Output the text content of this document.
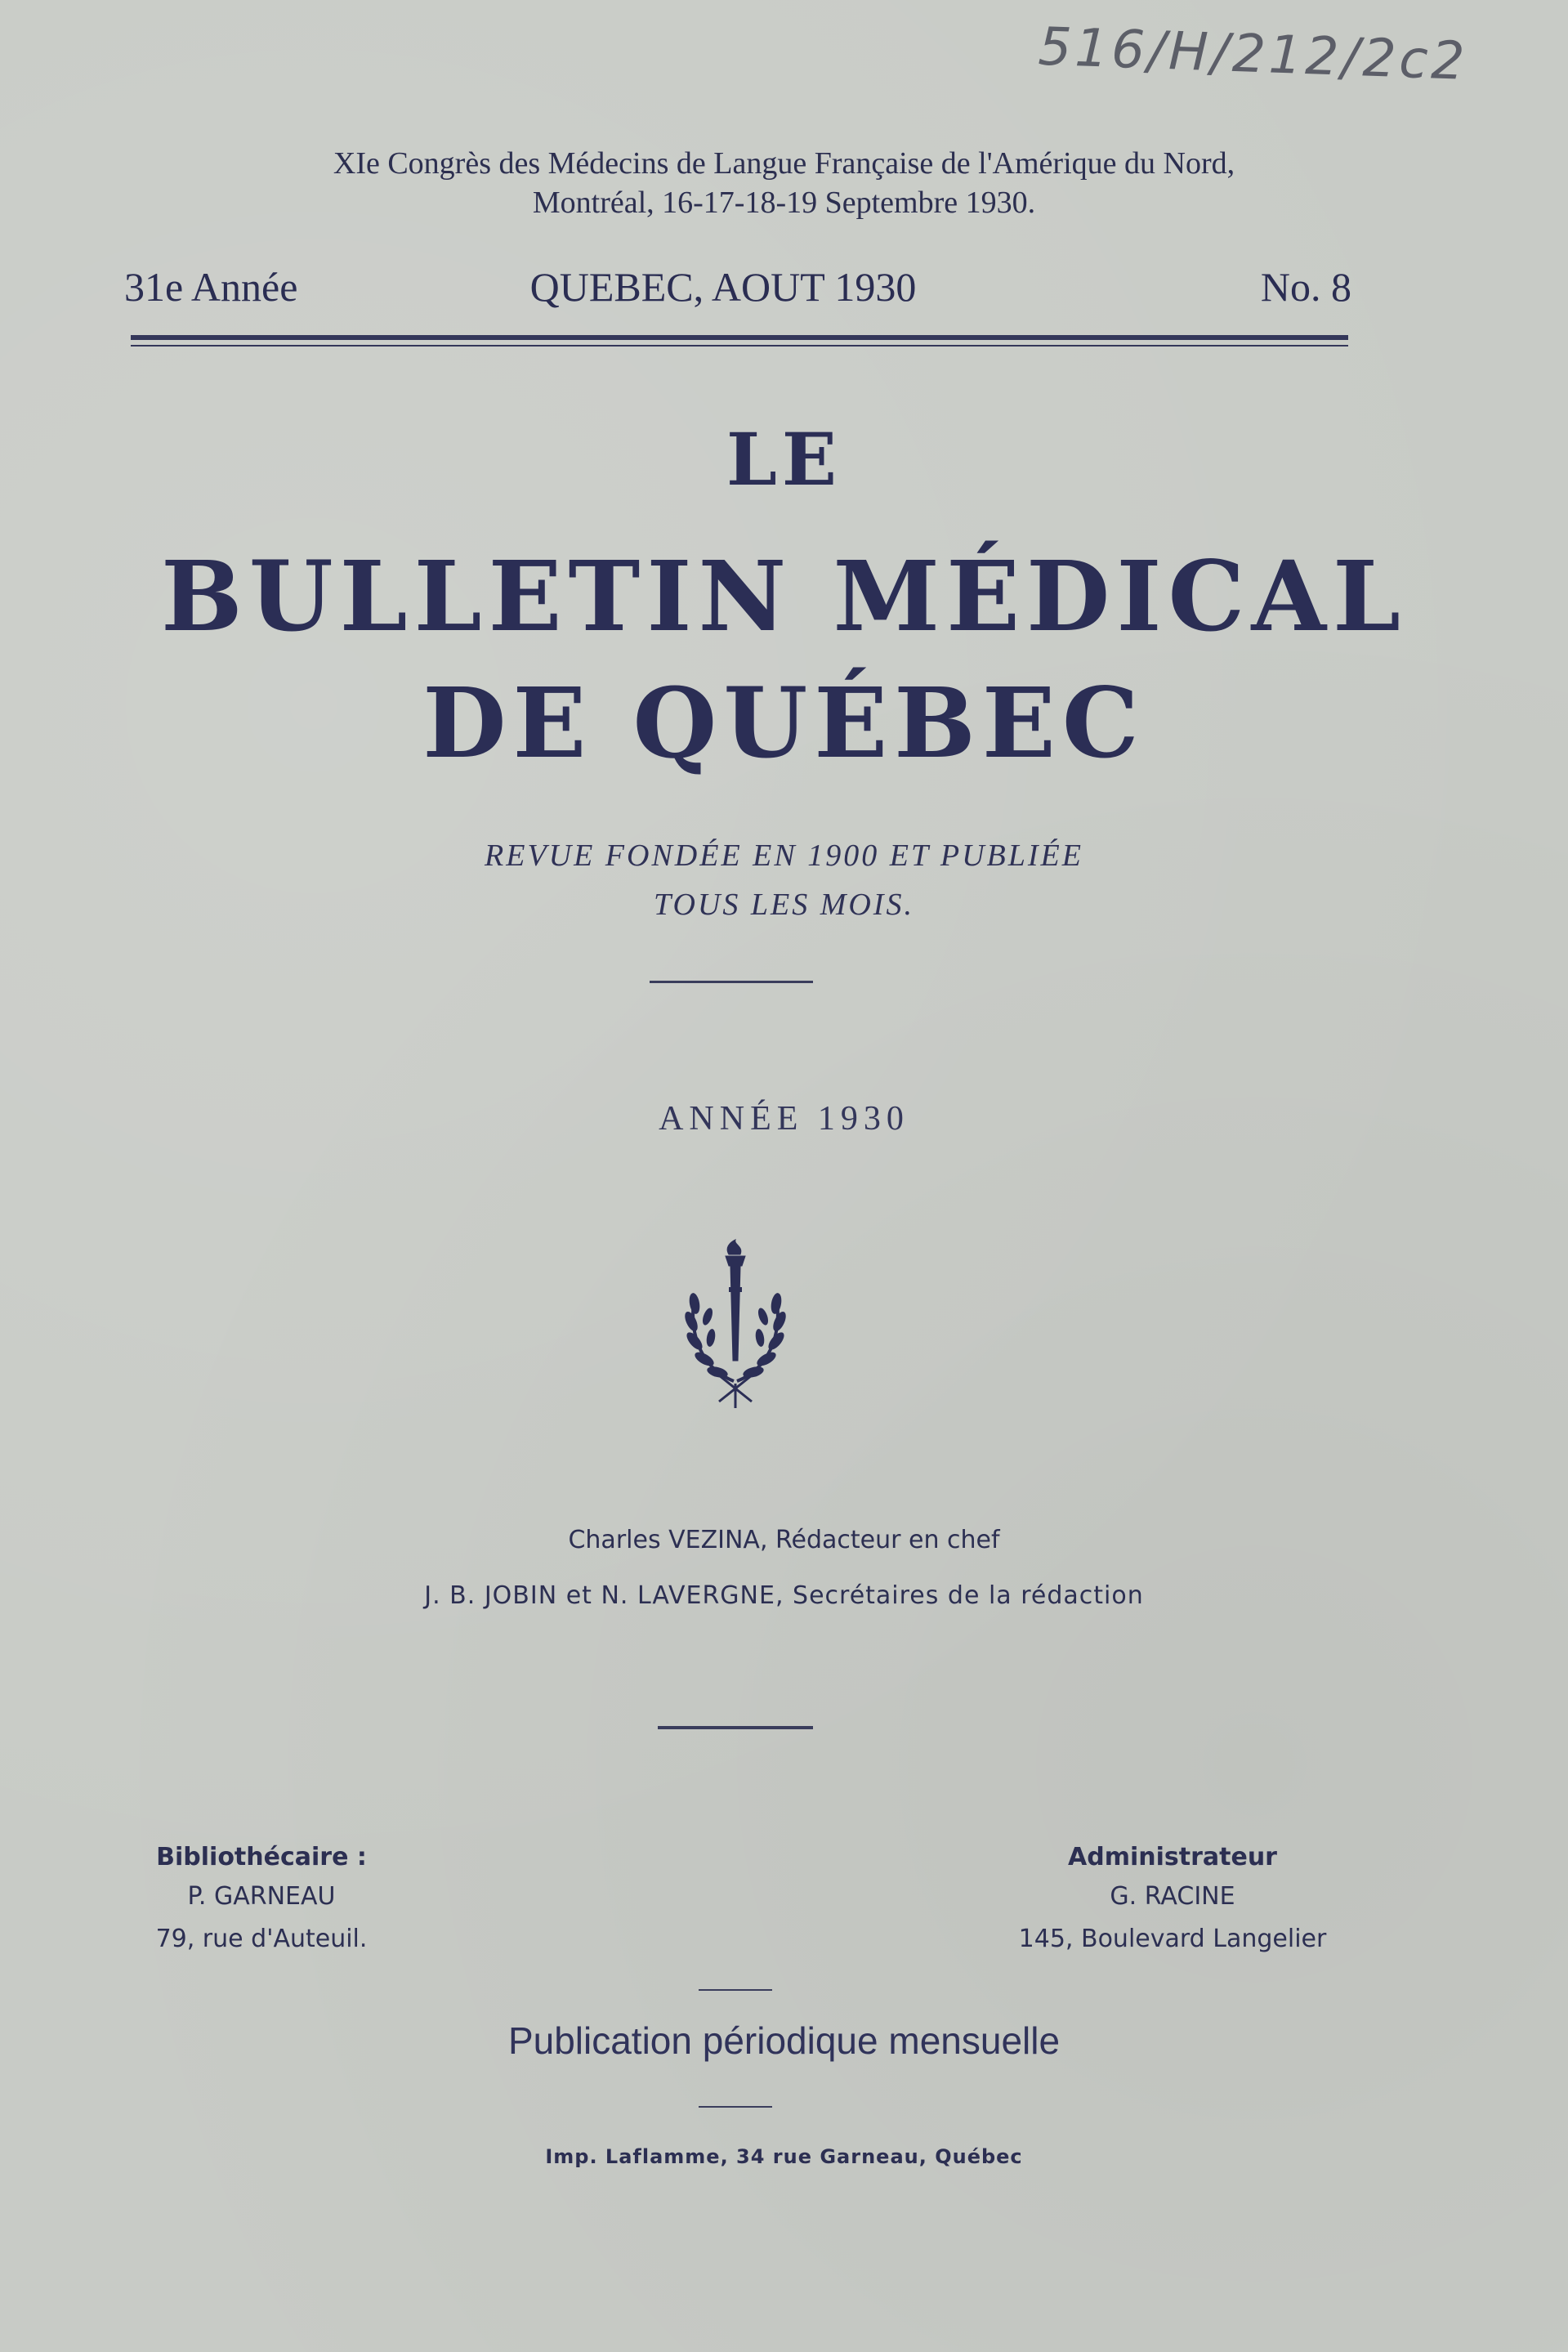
516/H/212/2c2
XIe Congrès des Médecins de Langue Française de l'Amérique du Nord,
Montréal, 16-17-18-19 Septembre 1930.
31e Année	QUEBEC, AOUT 1930	No. 8
LE
BULLETIN MÉDICAL
DE QUÉBEC
REVUE FONDÉE EN 1900 ET PUBLIÉE
TOUS LES MOIS.
ANNÉE 1930
Charles VEZINA, Rédacteur en chef
J. B. JOBIN et N. LAVERGNE, Secrétaires de la rédaction
Bibliothécaire :
P. GARNEAU
79, rue d'Auteuil.
Administrateur
G. RACINE
145, Boulevard Langelier
Publication périodique mensuelle
Imp. Laflamme, 34 rue Garneau, Québec
